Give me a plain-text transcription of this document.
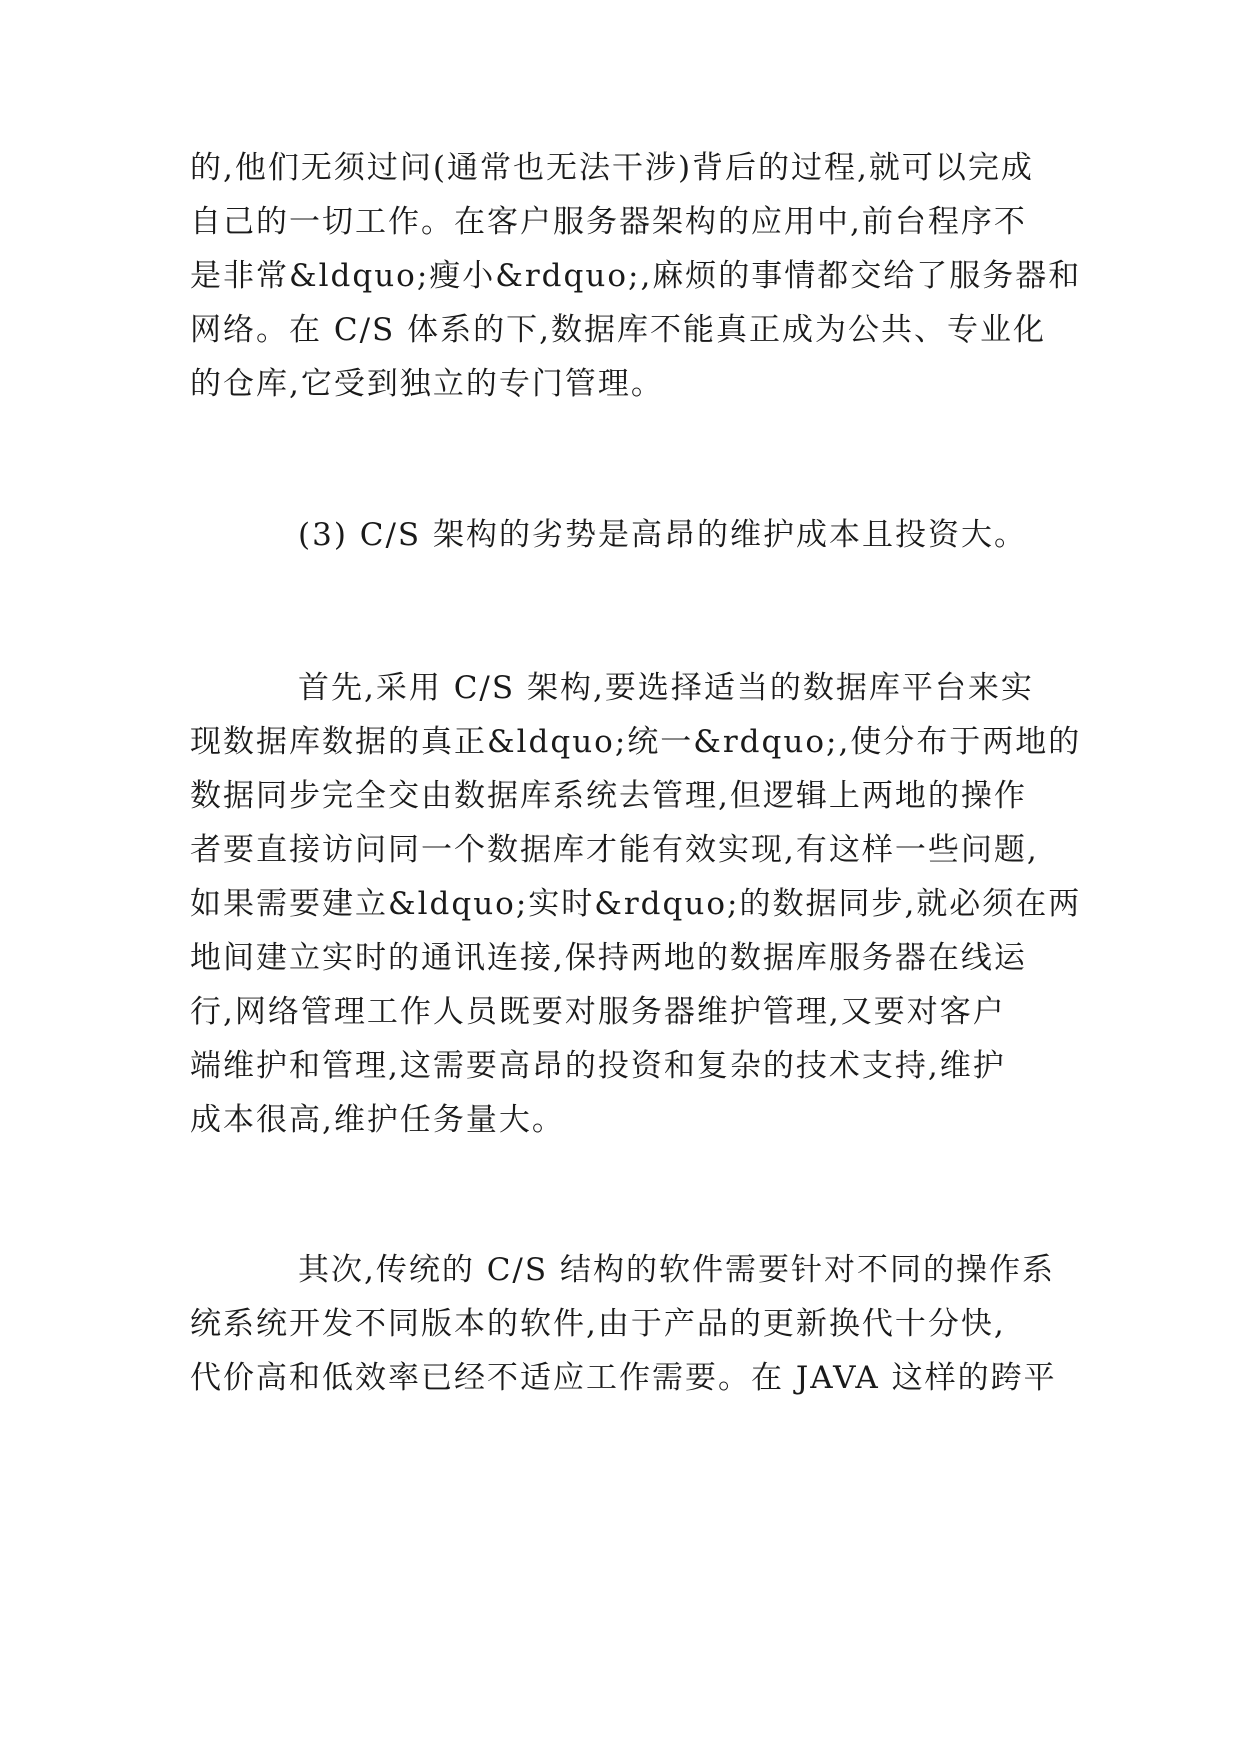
的,他们无须过问(通常也无法干涉)背后的过程,就可以完成
自己的一切工作。在客户服务器架构的应用中,前台程序不
是非常&ldquo;瘦小&rdquo;,麻烦的事情都交给了服务器和
网络。在 C/S 体系的下,数据库不能真正成为公共、专业化
的仓库,它受到独立的专门管理。
(3) C/S 架构的劣势是高昂的维护成本且投资大。
首先,采用 C/S 架构,要选择适当的数据库平台来实
现数据库数据的真正&ldquo;统一&rdquo;,使分布于两地的
数据同步完全交由数据库系统去管理,但逻辑上两地的操作
者要直接访问同一个数据库才能有效实现,有这样一些问题,
如果需要建立&ldquo;实时&rdquo;的数据同步,就必须在两
地间建立实时的通讯连接,保持两地的数据库服务器在线运
行,网络管理工作人员既要对服务器维护管理,又要对客户
端维护和管理,这需要高昂的投资和复杂的技术支持,维护
成本很高,维护任务量大。
其次,传统的 C/S 结构的软件需要针对不同的操作系
统系统开发不同版本的软件,由于产品的更新换代十分快,
代价高和低效率已经不适应工作需要。在 JAVA 这样的跨平
